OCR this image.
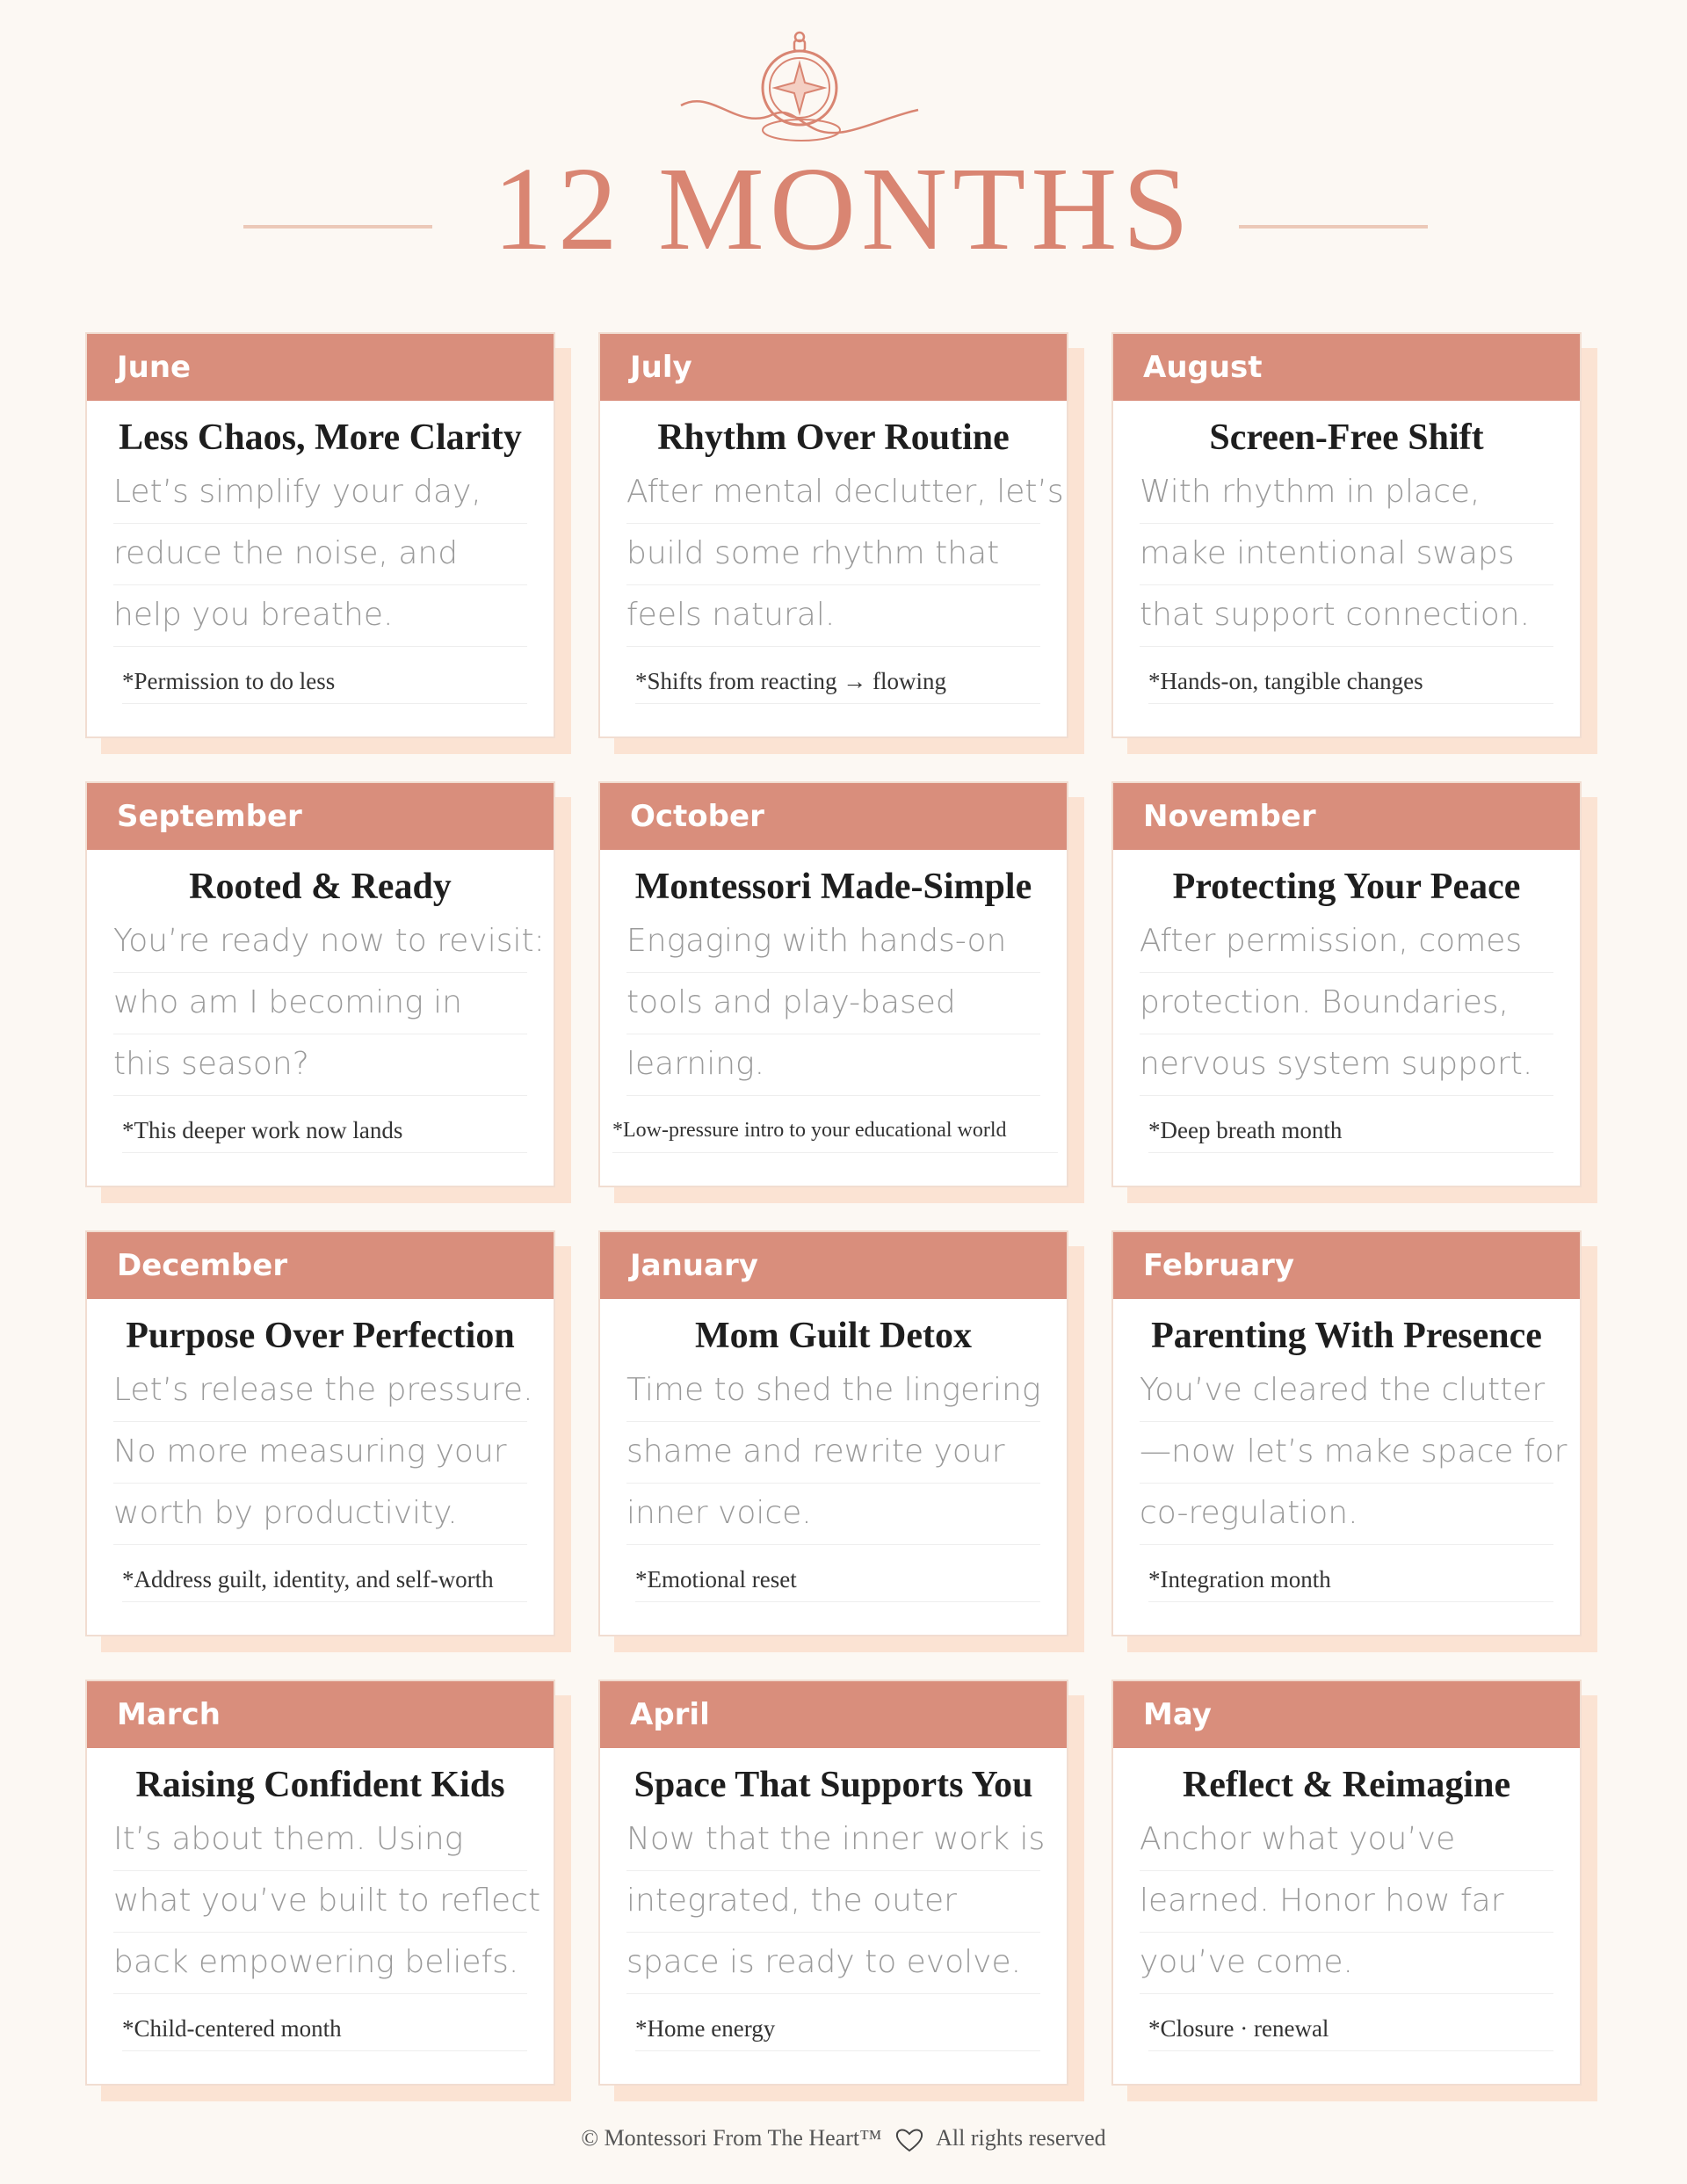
12 MONTHS
June
Less Chaos, More Clarity
Let’s simplify your day,
reduce the noise, and
help you breathe.
*Permission to do less
July
Rhythm Over Routine
After mental declutter, let’s
build some rhythm that
feels natural.
*Shifts from reacting → flowing
August
Screen-Free Shift
With rhythm in place,
make intentional swaps
that support connection.
*Hands-on, tangible changes
September
Rooted & Ready
You’re ready now to revisit:
who am I becoming in
this season?
*This deeper work now lands
October
Montessori Made-Simple
Engaging with hands-on
tools and play-based
learning.
*Low-pressure intro to your educational world
November
Protecting Your Peace
After permission, comes
protection. Boundaries,
nervous system support.
*Deep breath month
December
Purpose Over Perfection
Let’s release the pressure.
No more measuring your
worth by productivity.
*Address guilt, identity, and self-worth
January
Mom Guilt Detox
Time to shed the lingering
shame and rewrite your
inner voice.
*Emotional reset
February
Parenting With Presence
You’ve cleared the clutter
—now let’s make space for
co-regulation.
*Integration month
March
Raising Confident Kids
It’s about them. Using
what you’ve built to reflect
back empowering beliefs.
*Child-centered month
April
Space That Supports You
Now that the inner work is
integrated, the outer
space is ready to evolve.
*Home energy
May
Reflect & Reimagine
Anchor what you’ve
learned. Honor how far
you’ve come.
*Closure · renewal
© Montessori From The Heart™ All rights reserved
